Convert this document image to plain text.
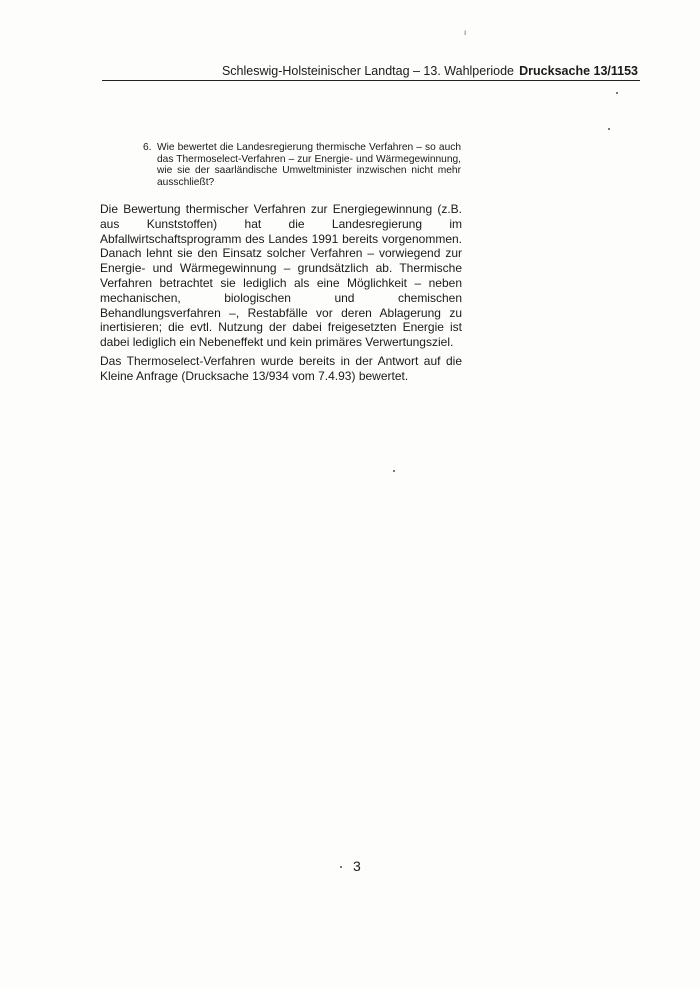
ı
Schleswig-Holsteinischer Landtag – 13. Wahlperiode Drucksache 13/1153
6. Wie bewertet die Landesregierung thermische Verfahren – so auch das Thermoselect-Verfahren – zur Energie- und Wärmegewinnung, wie sie der saarländische Umweltminister inzwischen nicht mehr ausschließt?

Die Bewertung thermischer Verfahren zur Energiegewinnung (z.B. aus Kunststoffen) hat die Landesregierung im Abfallwirtschaftsprogramm des Landes 1991 bereits vorgenommen. Danach lehnt sie den Einsatz solcher Verfahren – vorwiegend zur Energie- und Wärmegewinnung – grundsätzlich ab. Thermische Verfahren betrachtet sie lediglich als eine Möglichkeit – neben mechanischen, biologischen und chemischen Behandlungsverfahren –, Restabfälle vor deren Ablagerung zu inertisieren; die evtl. Nutzung der dabei freigesetzten Energie ist dabei lediglich ein Nebeneffekt und kein primäres Verwertungsziel.

Das Thermoselect-Verfahren wurde bereits in der Antwort auf die Kleine Anfrage (Drucksache 13/934 vom 7.4.93) bewertet.

3
